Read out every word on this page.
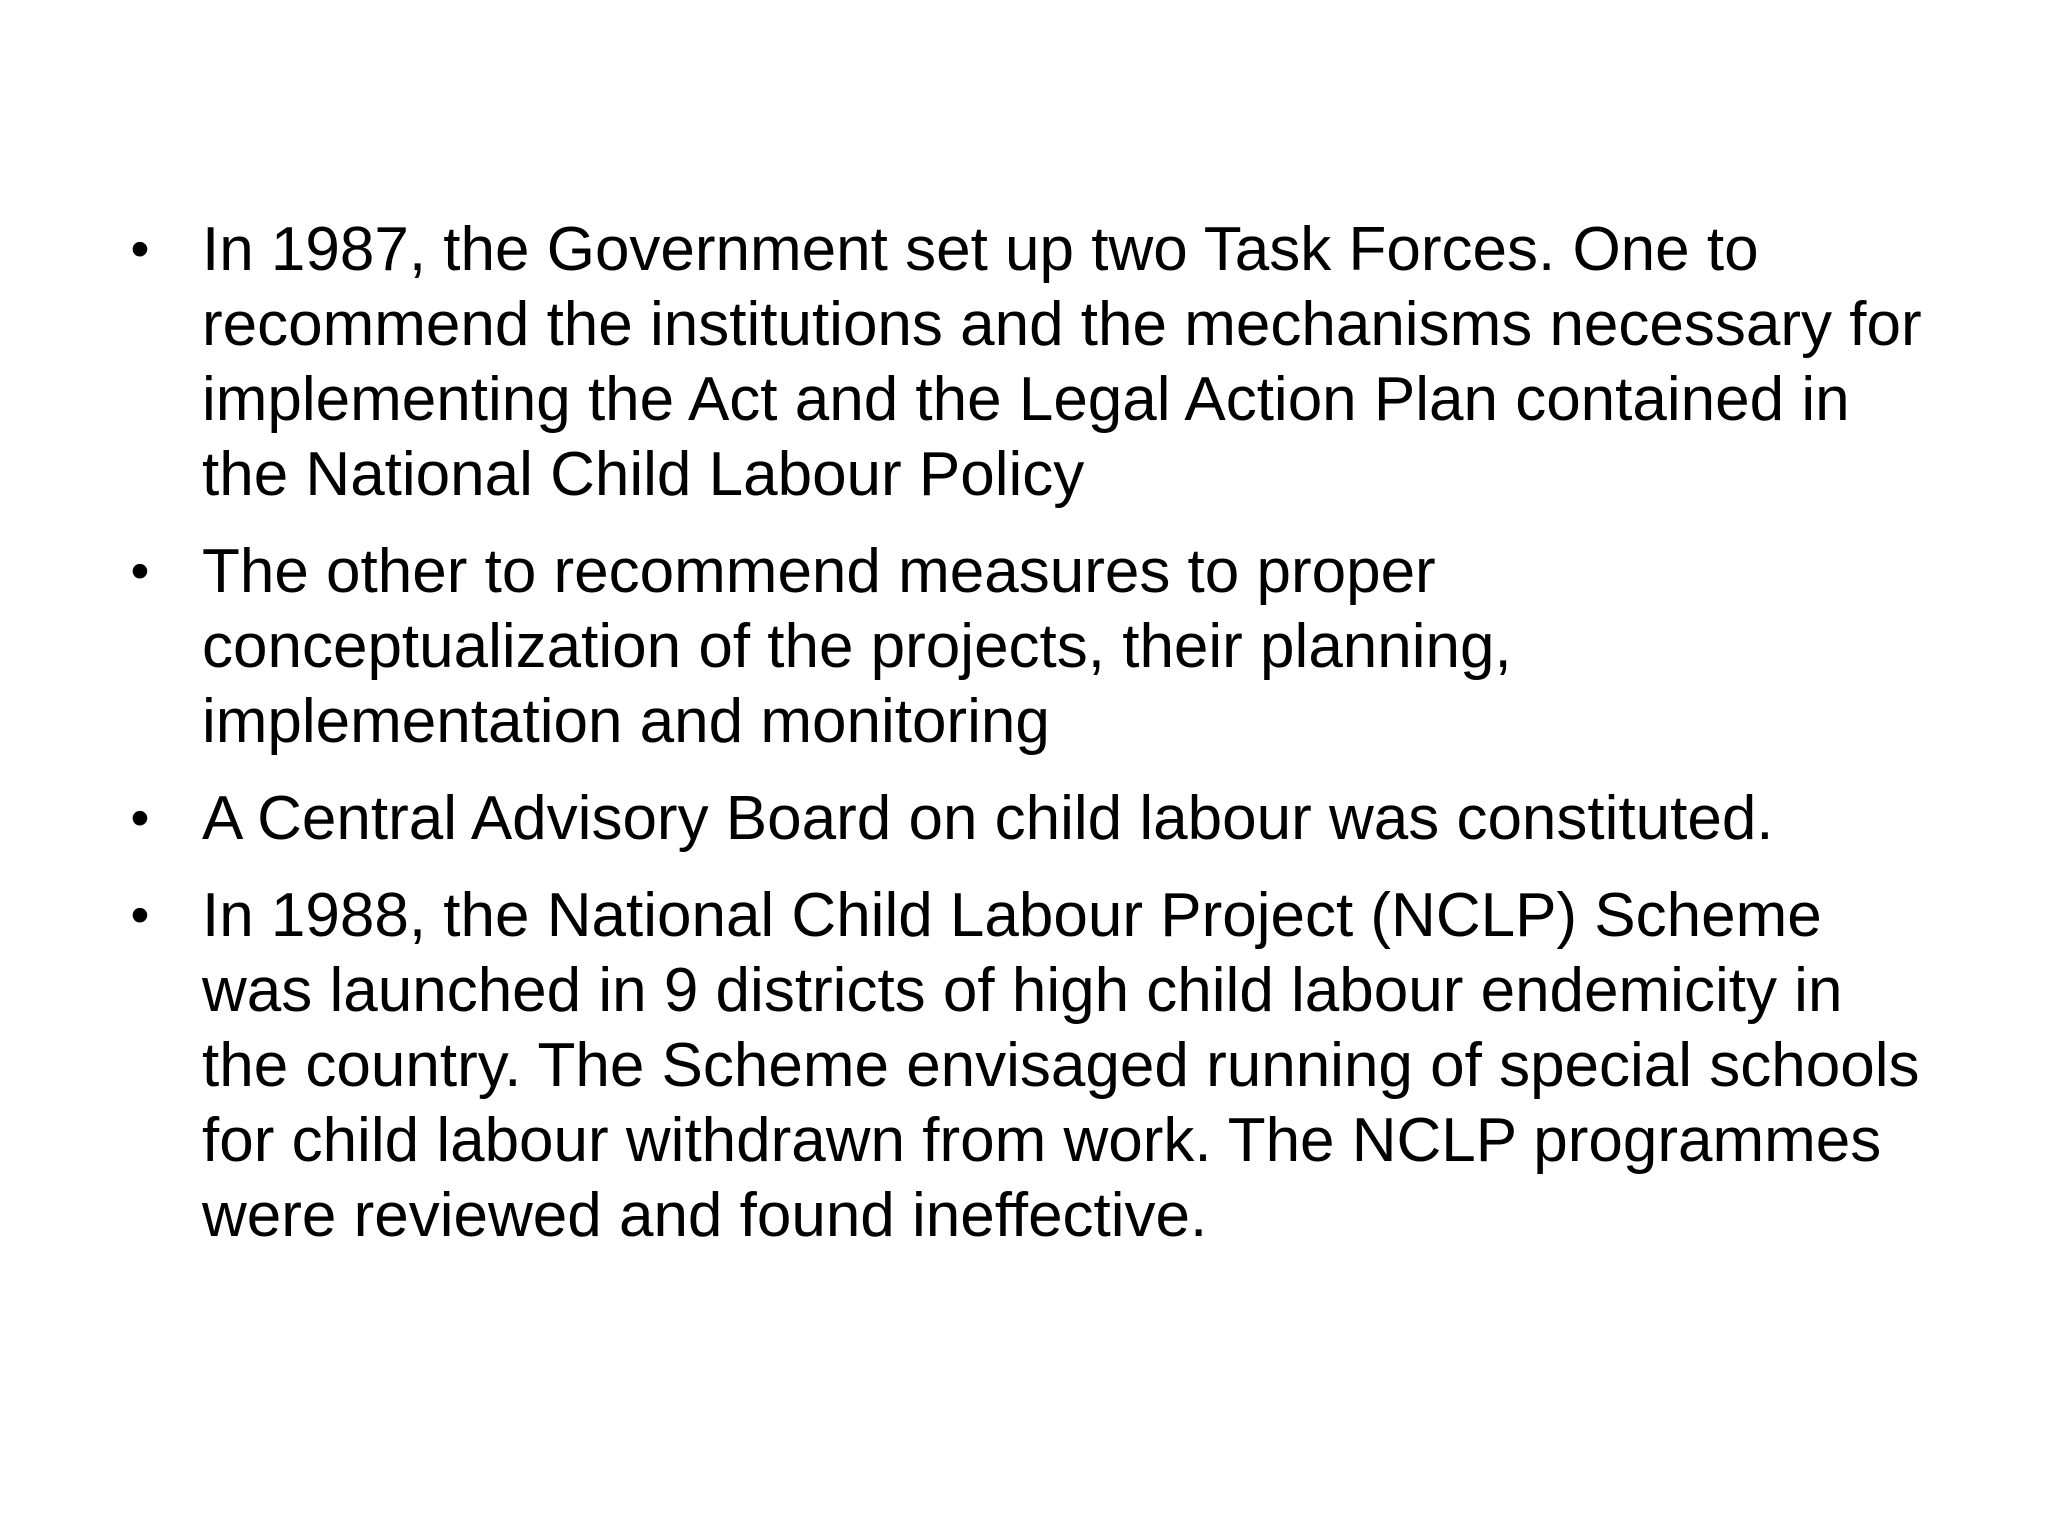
• In 1987, the Government set up two Task Forces. One to recommend the institutions and the mechanisms necessary for implementing the Act and the Legal Action Plan contained in the National Child Labour Policy
• The other to recommend measures to proper conceptualization of the projects, their planning, implementation and monitoring
• A Central Advisory Board on child labour was constituted.
• In 1988, the National Child Labour Project (NCLP) Scheme was launched in 9 districts of high child labour endemicity in the country. The Scheme envisaged running of special schools for child labour withdrawn from work. The NCLP programmes were reviewed and found ineffective.
